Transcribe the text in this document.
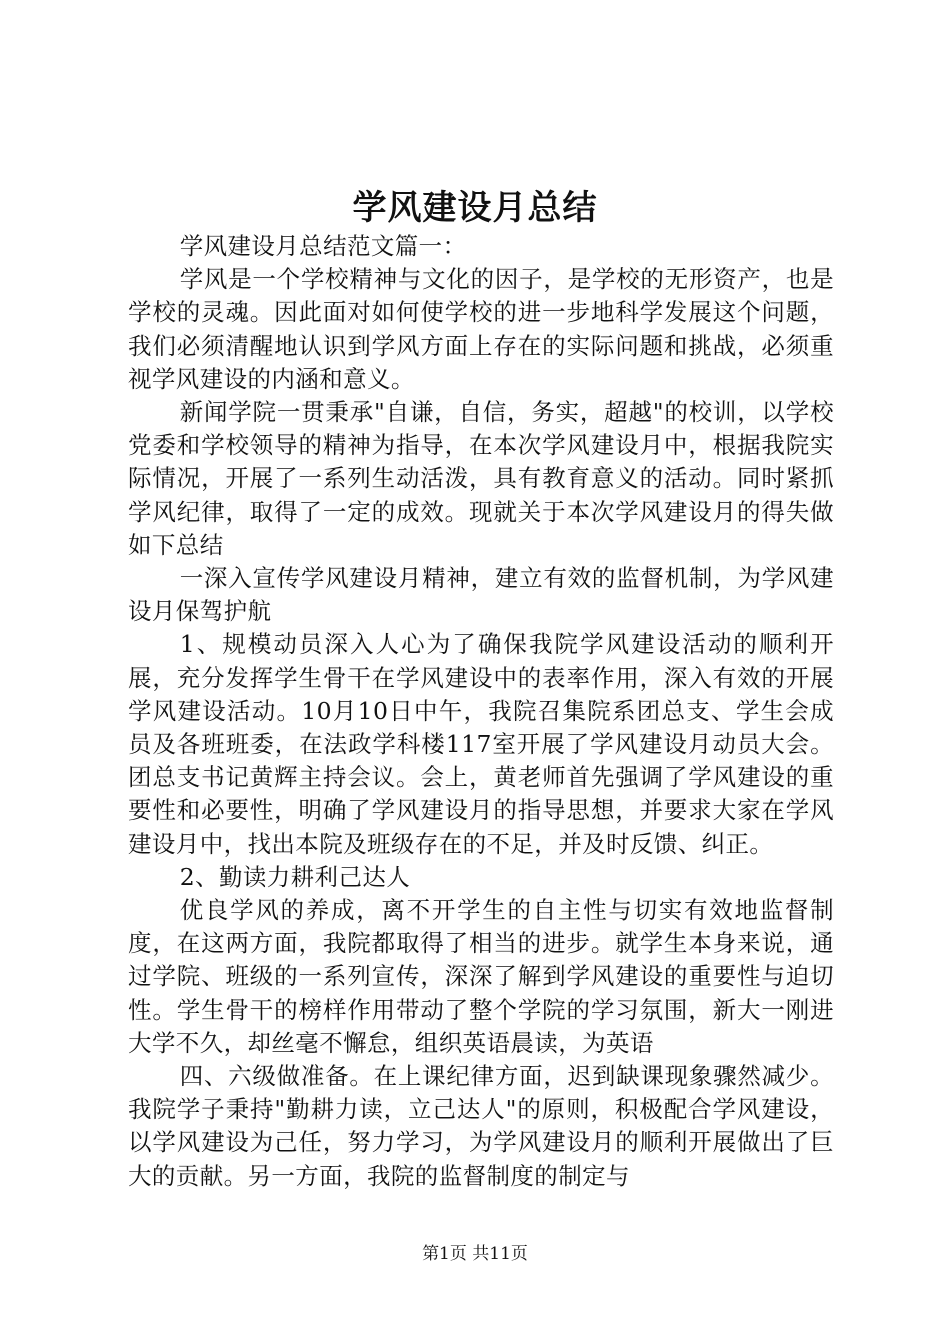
学风建设月总结

学风建设月总结范文篇一：

学风是一个学校精神与文化的因子，是学校的无形资产，也是学校的灵魂。因此面对如何使学校的进一步地科学发展这个问题，我们必须清醒地认识到学风方面上存在的实际问题和挑战，必须重视学风建设的内涵和意义。

新闻学院一贯秉承"自谦，自信，务实，超越"的校训，以学校党委和学校领导的精神为指导，在本次学风建设月中，根据我院实际情况，开展了一系列生动活泼，具有教育意义的活动。同时紧抓学风纪律，取得了一定的成效。现就关于本次学风建设月的得失做如下总结

一深入宣传学风建设月精神，建立有效的监督机制，为学风建设月保驾护航

1、规模动员深入人心为了确保我院学风建设活动的顺利开展，充分发挥学生骨干在学风建设中的表率作用，深入有效的开展学风建设活动。10月10日中午，我院召集院系团总支、学生会成员及各班班委，在法政学科楼117室开展了学风建设月动员大会。团总支书记黄辉主持会议。会上，黄老师首先强调了学风建设的重要性和必要性，明确了学风建设月的指导思想，并要求大家在学风建设月中，找出本院及班级存在的不足，并及时反馈、纠正。

2、勤读力耕利己达人

优良学风的养成，离不开学生的自主性与切实有效地监督制度，在这两方面，我院都取得了相当的进步。就学生本身来说，通过学院、班级的一系列宣传，深深了解到学风建设的重要性与迫切性。学生骨干的榜样作用带动了整个学院的学习氛围，新大一刚进大学不久，却丝毫不懈怠，组织英语晨读，为英语

四、六级做准备。在上课纪律方面，迟到缺课现象骤然减少。我院学子秉持"勤耕力读，立己达人"的原则，积极配合学风建设，以学风建设为己任，努力学习，为学风建设月的顺利开展做出了巨大的贡献。另一方面，我院的监督制度的制定与

第1页 共11页
